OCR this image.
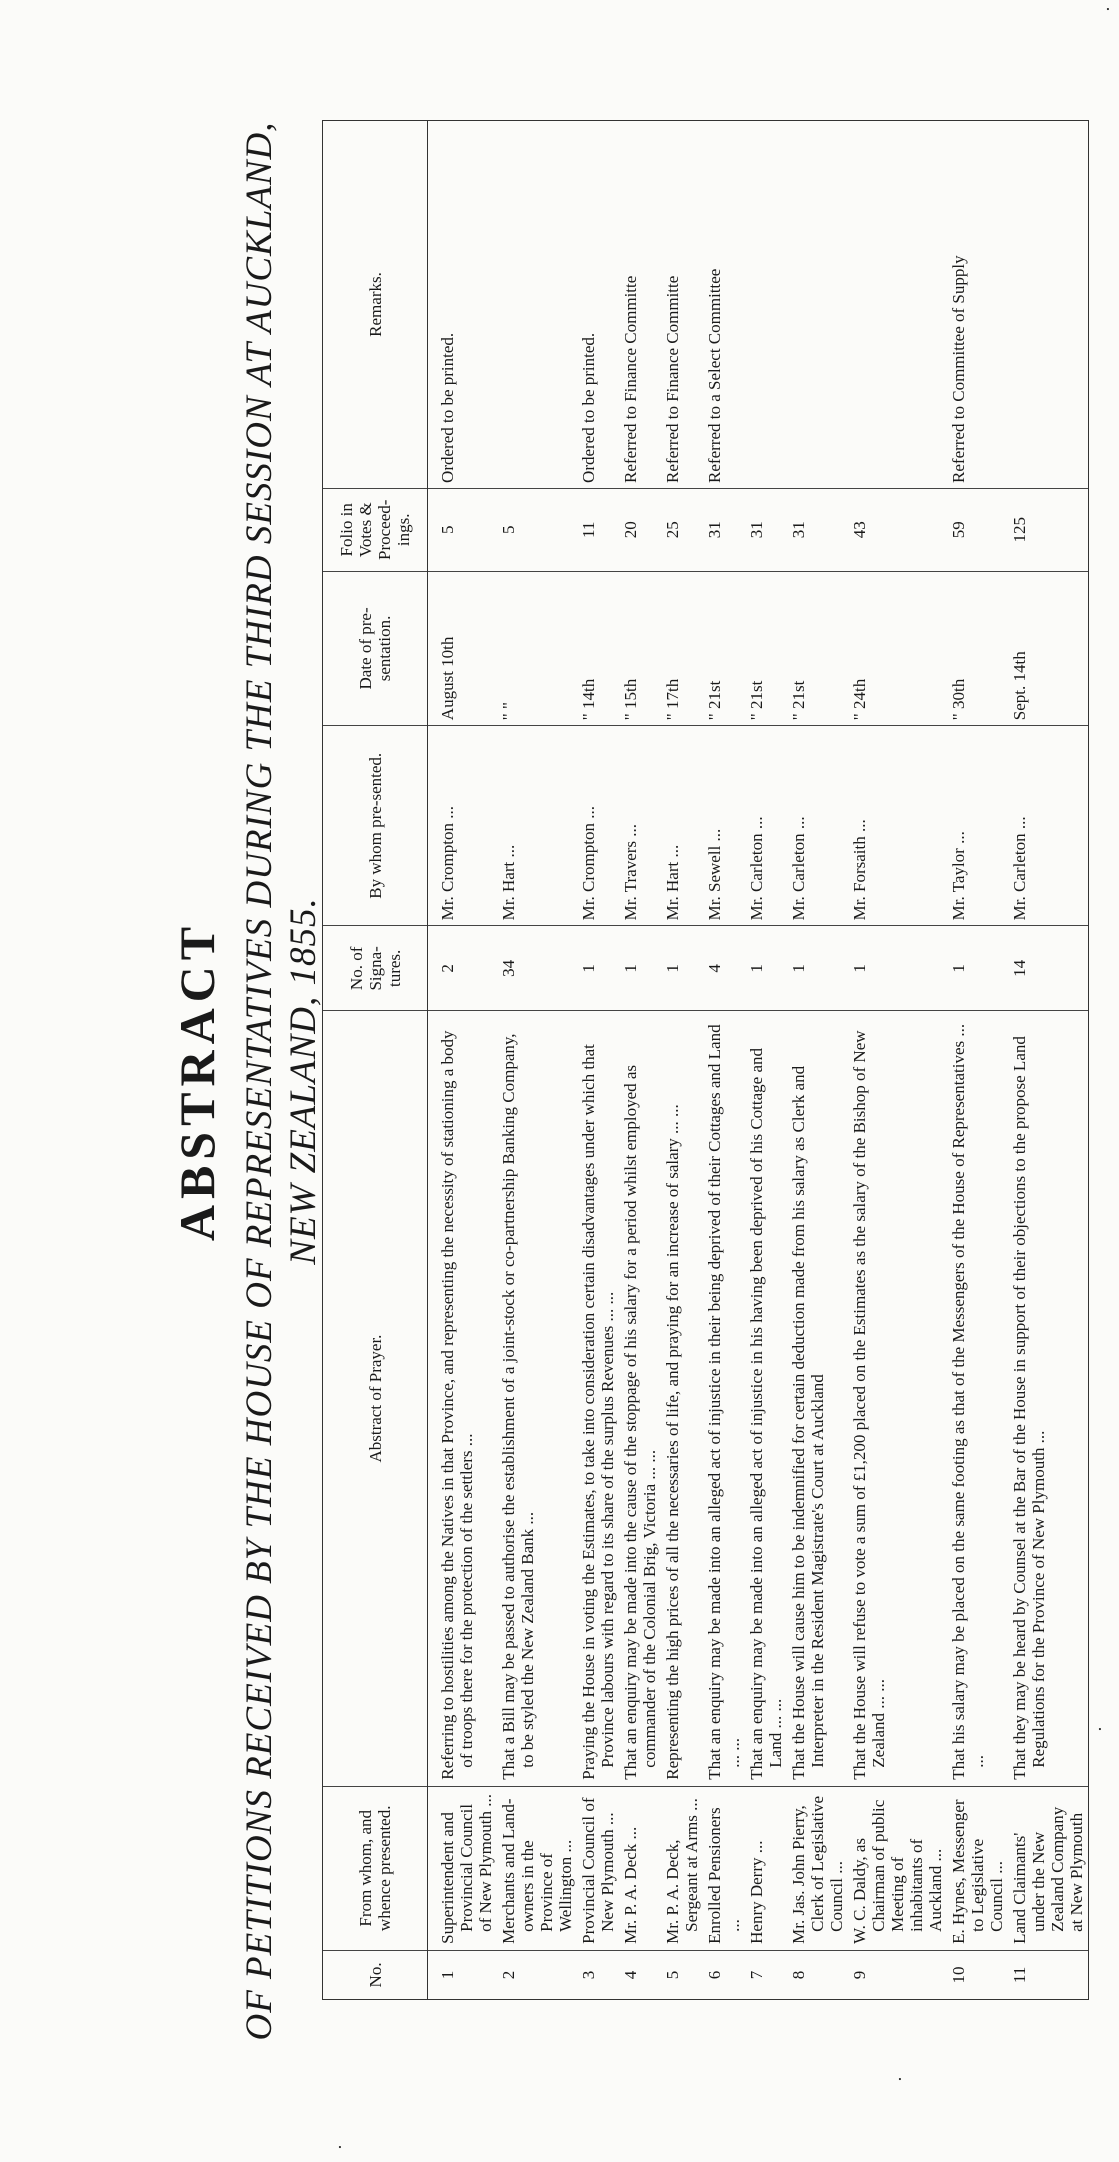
·
·
·
·
ABSTRACT OF PETITIONS RECEIVED BY THE HOUSE OF REPRESENTATIVES DURING THE THIRD SESSION AT AUCKLAND, NEW ZEALAND, 1855.
No.	From whom, and whence presented.	Abstract of Prayer.	No. of Signa-tures.	By whom pre-sented.	Date of pre-sentation.	Folio in Votes & Proceed-ings.	Remarks.
1	Superintendent and Provincial Council of New Plymouth ...	Referring to hostilities among the Natives in that Province, and representing the necessity of stationing a body of troops there for the protection of the settlers ...	2	Mr. Crompton ...	August 10th	5	Ordered to be printed.
2	Merchants and Land-owners in the Province of Wellington ...	That a Bill may be passed to authorise the establishment of a joint-stock or co-partnership Banking Company, to be styled the New Zealand Bank ...	34	Mr. Hart ...	" "	5	
3	Provincial Council of New Plymouth ...	Praying the House in voting the Estimates, to take into consideration certain disadvantages under which that Province labours with regard to its share of the surplus Revenues ... ...	1	Mr. Crompton ...	" 14th	11	Ordered to be printed.
4	Mr. P. A. Deck ...	That an enquiry may be made into the cause of the stoppage of his salary for a period whilst employed as commander of the Colonial Brig, Victoria ... ...	1	Mr. Travers ...	" 15th	20	Referred to Finance Committe
5	Mr. P. A. Deck, Sergeant at Arms ...	Representing the high prices of all the necessaries of life, and praying for an increase of salary ... ...	1	Mr. Hart ...	" 17th	25	Referred to Finance Committe
6	Enrolled Pensioners ...	That an enquiry may be made into an alleged act of injustice in their being deprived of their Cottages and Land ... ...	4	Mr. Sewell ...	" 21st	31	Referred to a Select Committee
7	Henry Derry ...	That an enquiry may be made into an alleged act of injustice in his having been deprived of his Cottage and Land ... ...	1	Mr. Carleton ...	" 21st	31	
8	Mr. Jas. John Pierry, Clerk of Legislative Council ...	That the House will cause him to be indemnified for certain deduction made from his salary as Clerk and Interpreter in the Resident Magistrate's Court at Auckland	1	Mr. Carleton ...	" 21st	31	
9	W. C. Daldy, as Chairman of public Meeting of inhabitants of Auckland ...	That the House will refuse to vote a sum of £1,200 placed on the Estimates as the salary of the Bishop of New Zealand ... ...	1	Mr. Forsaith ...	" 24th	43	
10	E. Hynes, Messenger to Legislative Council ...	That his salary may be placed on the same footing as that of the Messengers of the House of Representatives ... ...	1	Mr. Taylor ...	" 30th	59	Referred to Committee of Supply
11	Land Claimants' under the New Zealand Company at New Plymouth	That they may be heard by Counsel at the Bar of the House in support of their objections to the propose Land Regulations for the Province of New Plymouth ...	14	Mr. Carleton ...	Sept. 14th	125	
